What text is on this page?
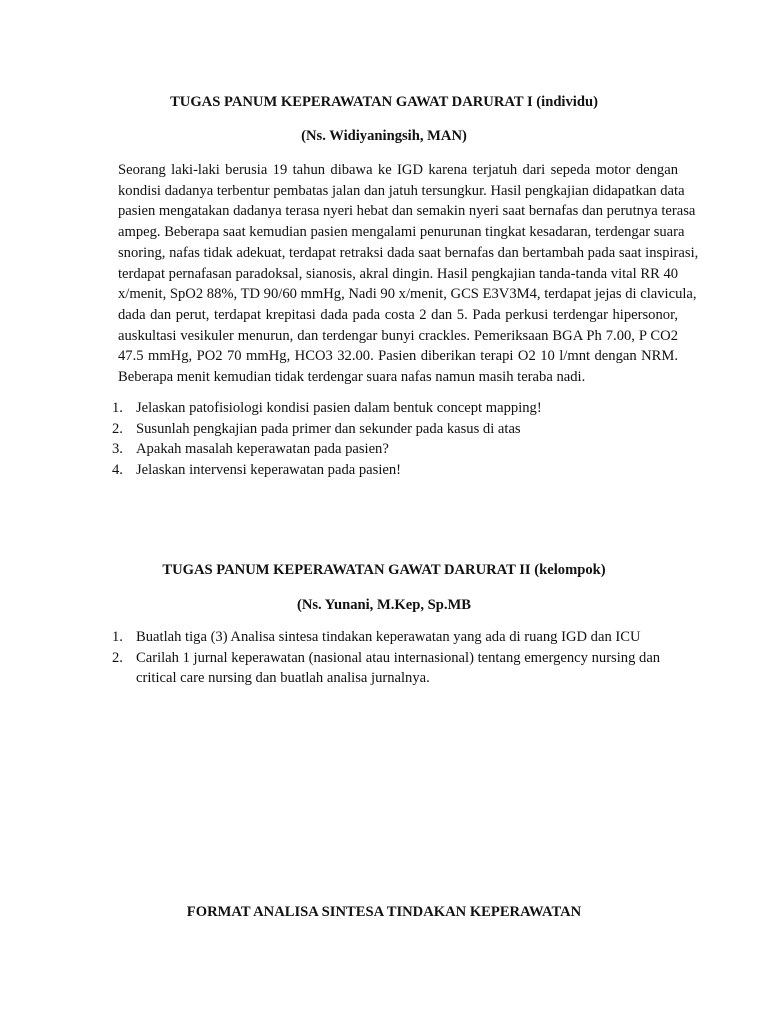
TUGAS PANUM KEPERAWATAN GAWAT DARURAT I (individu)
(Ns. Widiyaningsih, MAN)
Seorang laki-laki berusia 19 tahun dibawa ke IGD karena terjatuh dari sepeda motor dengan
kondisi dadanya terbentur pembatas jalan dan jatuh tersungkur. Hasil pengkajian didapatkan data
pasien mengatakan dadanya terasa nyeri hebat dan semakin nyeri saat bernafas dan perutnya terasa
ampeg. Beberapa saat kemudian pasien mengalami penurunan tingkat kesadaran, terdengar suara
snoring, nafas tidak adekuat, terdapat retraksi dada saat bernafas dan bertambah pada saat inspirasi,
terdapat pernafasan paradoksal, sianosis, akral dingin. Hasil pengkajian tanda-tanda vital RR 40
x/menit, SpO2 88%, TD 90/60 mmHg, Nadi 90 x/menit, GCS E3V3M4, terdapat jejas di clavicula,
dada dan perut, terdapat krepitasi dada pada costa 2 dan 5. Pada perkusi terdengar hipersonor,
auskultasi vesikuler menurun, dan terdengar bunyi crackles. Pemeriksaan BGA Ph 7.00, P CO2
47.5 mmHg, PO2 70 mmHg, HCO3 32.00. Pasien diberikan terapi O2 10 l/mnt dengan NRM.
Beberapa menit kemudian tidak terdengar suara nafas namun masih teraba nadi.
1. Jelaskan patofisiologi kondisi pasien dalam bentuk concept mapping!
2. Susunlah pengkajian pada primer dan sekunder pada kasus di atas
3. Apakah masalah keperawatan pada pasien?
4. Jelaskan intervensi keperawatan pada pasien!
TUGAS PANUM KEPERAWATAN GAWAT DARURAT II (kelompok)
(Ns. Yunani, M.Kep, Sp.MB
1. Buatlah tiga (3) Analisa sintesa tindakan keperawatan yang ada di ruang IGD dan ICU
2. Carilah 1 jurnal keperawatan (nasional atau internasional) tentang emergency nursing dan
critical care nursing dan buatlah analisa jurnalnya.
FORMAT ANALISA SINTESA TINDAKAN KEPERAWATAN
